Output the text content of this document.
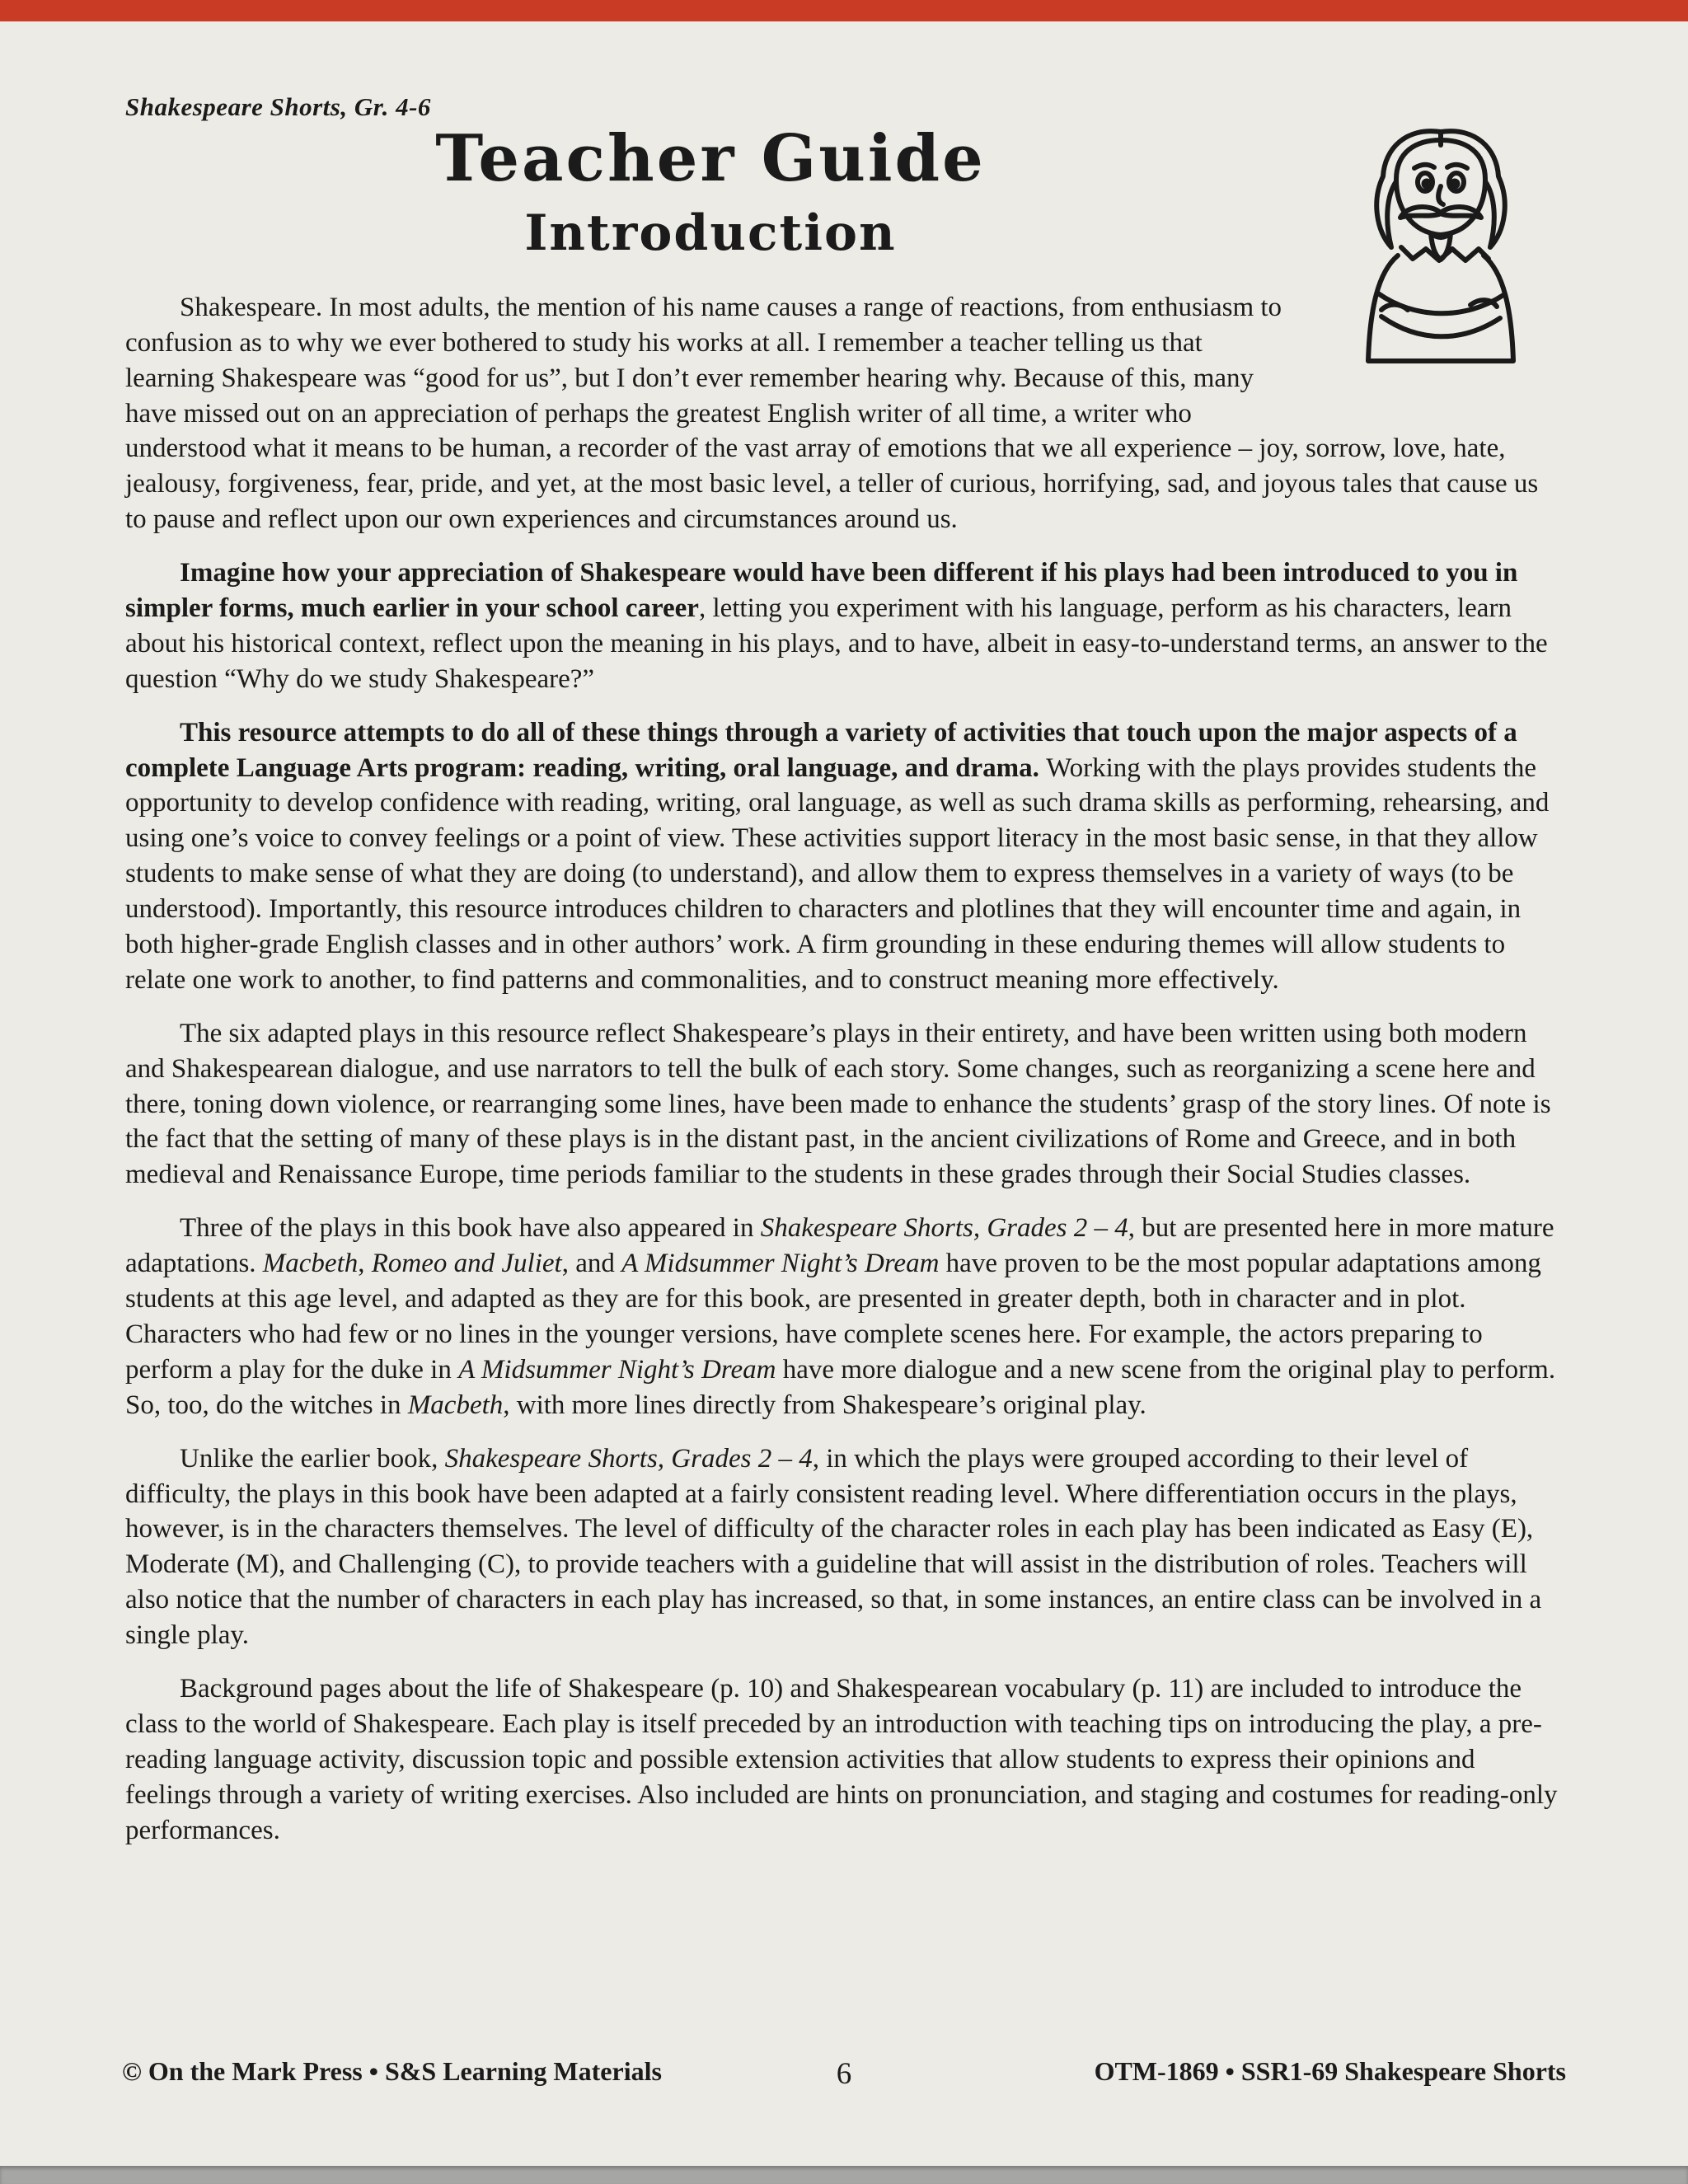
Shakespeare Shorts, Gr. 4-6
Teacher Guide
Introduction

Shakespeare. In most adults, the mention of his name causes a range of reactions, from enthusiasm to confusion as to why we ever bothered to study his works at all. I remember a teacher telling us that learning Shakespeare was “good for us”, but I don’t ever remember hearing why. Because of this, many have missed out on an appreciation of perhaps the greatest English writer of all time, a writer who understood what it means to be human, a recorder of the vast array of emotions that we all experience – joy, sorrow, love, hate, jealousy, forgiveness, fear, pride, and yet, at the most basic level, a teller of curious, horrifying, sad, and joyous tales that cause us to pause and reflect upon our own experiences and circumstances around us.

Imagine how your appreciation of Shakespeare would have been different if his plays had been introduced to you in simpler forms, much earlier in your school career, letting you experiment with his language, perform as his characters, learn about his historical context, reflect upon the meaning in his plays, and to have, albeit in easy-to-understand terms, an answer to the question “Why do we study Shakespeare?”

This resource attempts to do all of these things through a variety of activities that touch upon the major aspects of a complete Language Arts program: reading, writing, oral language, and drama. Working with the plays provides students the opportunity to develop confidence with reading, writing, oral language, as well as such drama skills as performing, rehearsing, and using one’s voice to convey feelings or a point of view. These activities support literacy in the most basic sense, in that they allow students to make sense of what they are doing (to understand), and allow them to express themselves in a variety of ways (to be understood). Importantly, this resource introduces children to characters and plotlines that they will encounter time and again, in both higher-grade English classes and in other authors’ work. A firm grounding in these enduring themes will allow students to relate one work to another, to find patterns and commonalities, and to construct meaning more effectively.

The six adapted plays in this resource reflect Shakespeare’s plays in their entirety, and have been written using both modern and Shakespearean dialogue, and use narrators to tell the bulk of each story. Some changes, such as reorganizing a scene here and there, toning down violence, or rearranging some lines, have been made to enhance the students’ grasp of the story lines. Of note is the fact that the setting of many of these plays is in the distant past, in the ancient civilizations of Rome and Greece, and in both medieval and Renaissance Europe, time periods familiar to the students in these grades through their Social Studies classes.

Three of the plays in this book have also appeared in Shakespeare Shorts, Grades 2 – 4, but are presented here in more mature adaptations. Macbeth, Romeo and Juliet, and A Midsummer Night’s Dream have proven to be the most popular adaptations among students at this age level, and adapted as they are for this book, are presented in greater depth, both in character and in plot. Characters who had few or no lines in the younger versions, have complete scenes here. For example, the actors preparing to perform a play for the duke in A Midsummer Night’s Dream have more dialogue and a new scene from the original play to perform. So, too, do the witches in Macbeth, with more lines directly from Shakespeare’s original play.

Unlike the earlier book, Shakespeare Shorts, Grades 2 – 4, in which the plays were grouped according to their level of difficulty, the plays in this book have been adapted at a fairly consistent reading level. Where differentiation occurs in the plays, however, is in the characters themselves. The level of difficulty of the character roles in each play has been indicated as Easy (E), Moderate (M), and Challenging (C), to provide teachers with a guideline that will assist in the distribution of roles. Teachers will also notice that the number of characters in each play has increased, so that, in some instances, an entire class can be involved in a single play.

Background pages about the life of Shakespeare (p. 10) and Shakespearean vocabulary (p. 11) are included to introduce the class to the world of Shakespeare. Each play is itself preceded by an introduction with teaching tips on introducing the play, a pre-reading language activity, discussion topic and possible extension activities that allow students to express their opinions and feelings through a variety of writing exercises. Also included are hints on pronunciation, and staging and costumes for reading-only performances.

© On the Mark Press • S&S Learning Materials	6	OTM-1869 • SSR1-69 Shakespeare Shorts
